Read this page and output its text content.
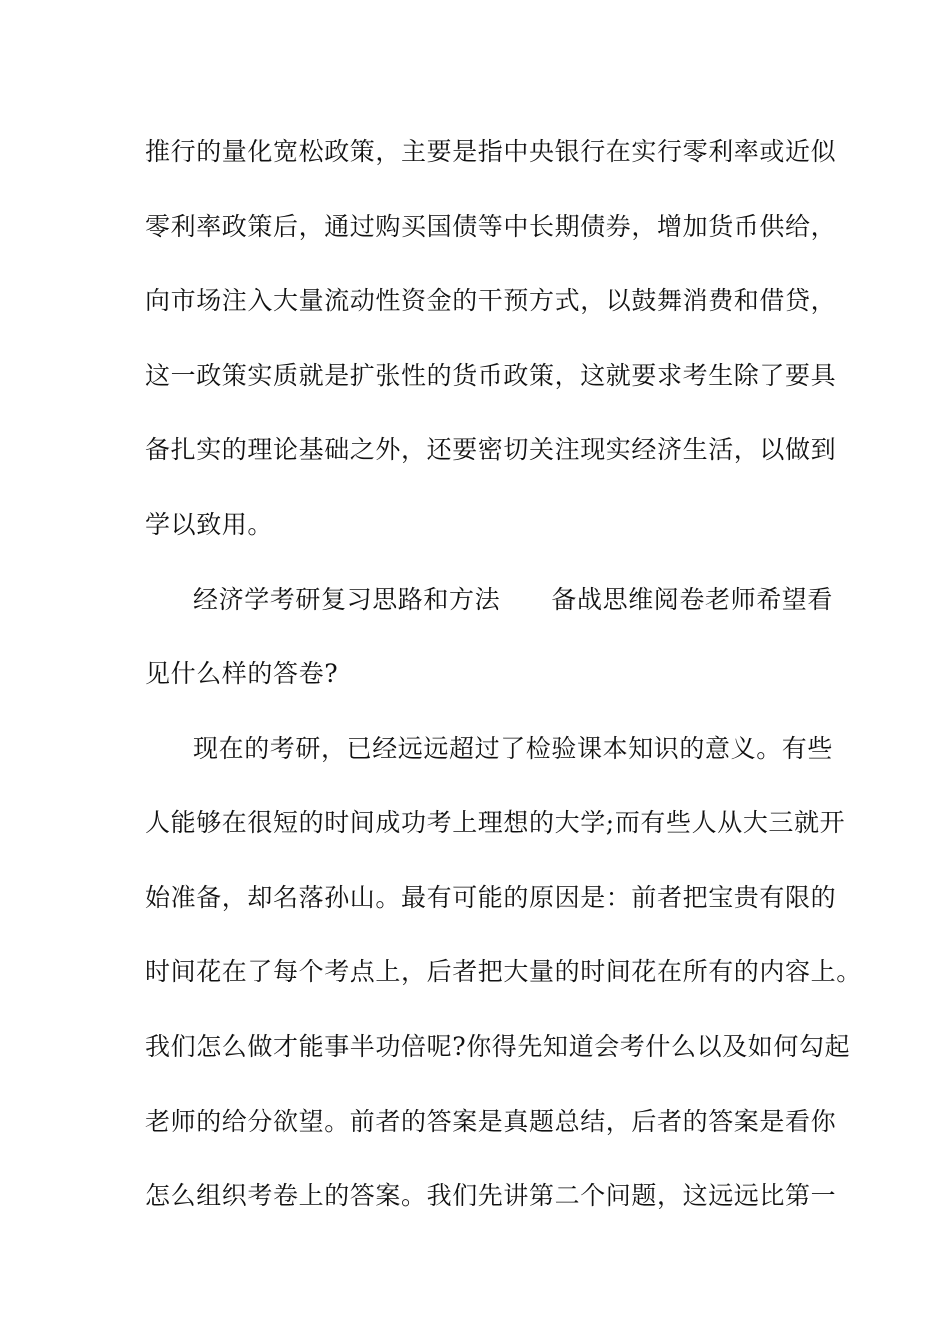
推行的量化宽松政策，主要是指中央银行在实行零利率或近似
零利率政策后，通过购买国债等中长期债券，增加货币供给，
向市场注入大量流动性资金的干预方式，以鼓舞消费和借贷，
这一政策实质就是扩张性的货币政策，这就要求考生除了要具
备扎实的理论基础之外，还要密切关注现实经济生活，以做到
学以致用。
经济学考研复习思路和方法　　备战思维阅卷老师希望看
见什么样的答卷?
现在的考研，已经远远超过了检验课本知识的意义。有些
人能够在很短的时间成功考上理想的大学;而有些人从大三就开
始准备，却名落孙山。最有可能的原因是：前者把宝贵有限的
时间花在了每个考点上，后者把大量的时间花在所有的内容上。
我们怎么做才能事半功倍呢?你得先知道会考什么以及如何勾起
老师的给分欲望。前者的答案是真题总结，后者的答案是看你
怎么组织考卷上的答案。我们先讲第二个问题，这远远比第一
